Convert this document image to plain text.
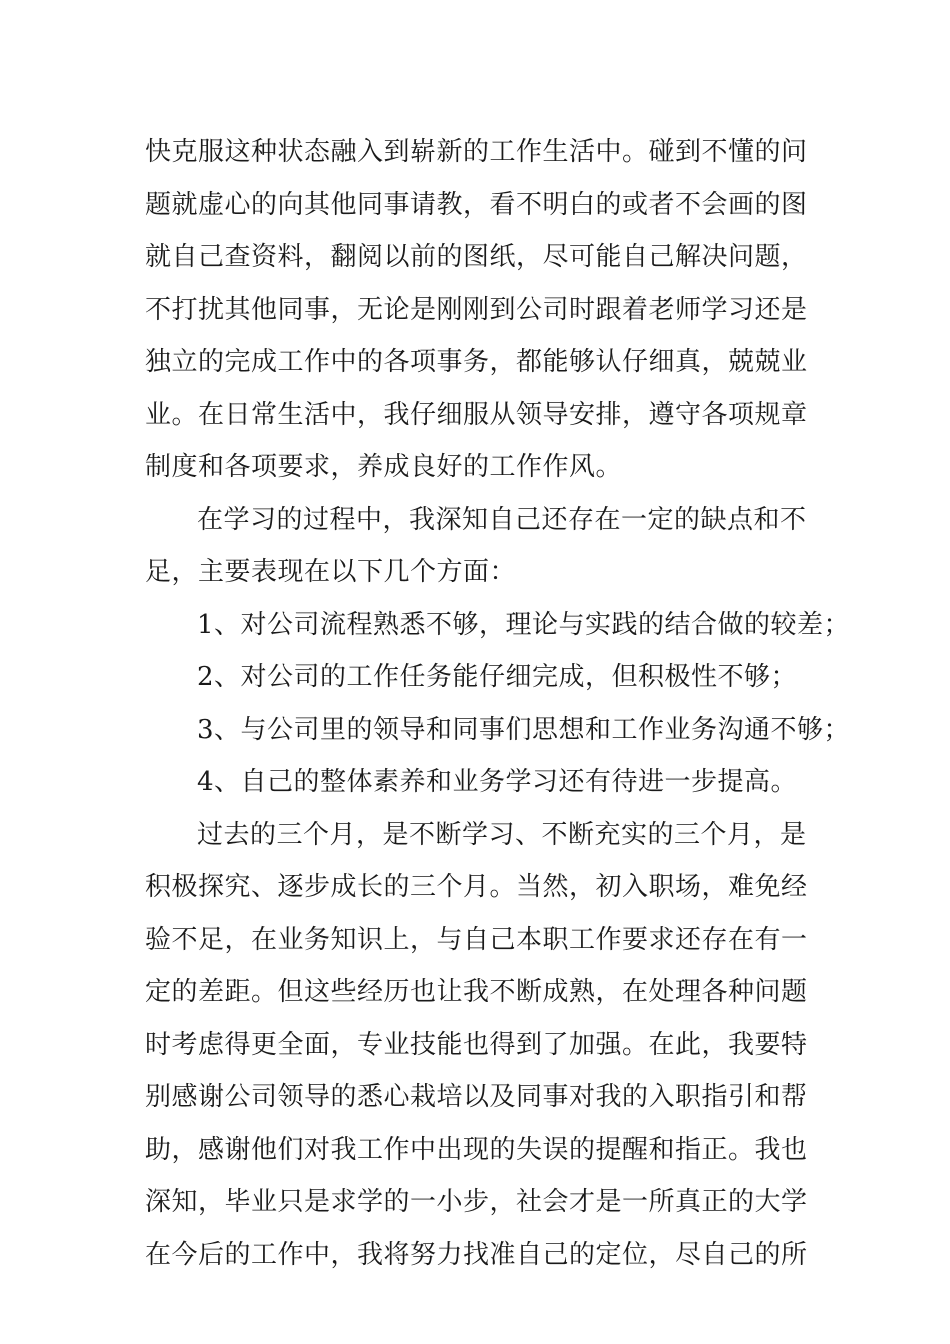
快克服这种状态融入到崭新的工作生活中。碰到不懂的问
题就虚心的向其他同事请教，看不明白的或者不会画的图
就自己查资料，翻阅以前的图纸，尽可能自己解决问题，
不打扰其他同事，无论是刚刚到公司时跟着老师学习还是
独立的完成工作中的各项事务，都能够认仔细真，兢兢业
业。在日常生活中，我仔细服从领导安排，遵守各项规章
制度和各项要求，养成良好的工作作风。
在学习的过程中，我深知自己还存在一定的缺点和不
足，主要表现在以下几个方面：
1、对公司流程熟悉不够，理论与实践的结合做的较差；
2、对公司的工作任务能仔细完成，但积极性不够；
3、与公司里的领导和同事们思想和工作业务沟通不够；
4、自己的整体素养和业务学习还有待进一步提高。
过去的三个月，是不断学习、不断充实的三个月，是
积极探究、逐步成长的三个月。当然，初入职场，难免经
验不足，在业务知识上，与自己本职工作要求还存在有一
定的差距。但这些经历也让我不断成熟，在处理各种问题
时考虑得更全面，专业技能也得到了加强。在此，我要特
别感谢公司领导的悉心栽培以及同事对我的入职指引和帮
助，感谢他们对我工作中出现的失误的提醒和指正。我也
深知，毕业只是求学的一小步，社会才是一所真正的大学
在今后的工作中，我将努力找准自己的定位，尽自己的所
